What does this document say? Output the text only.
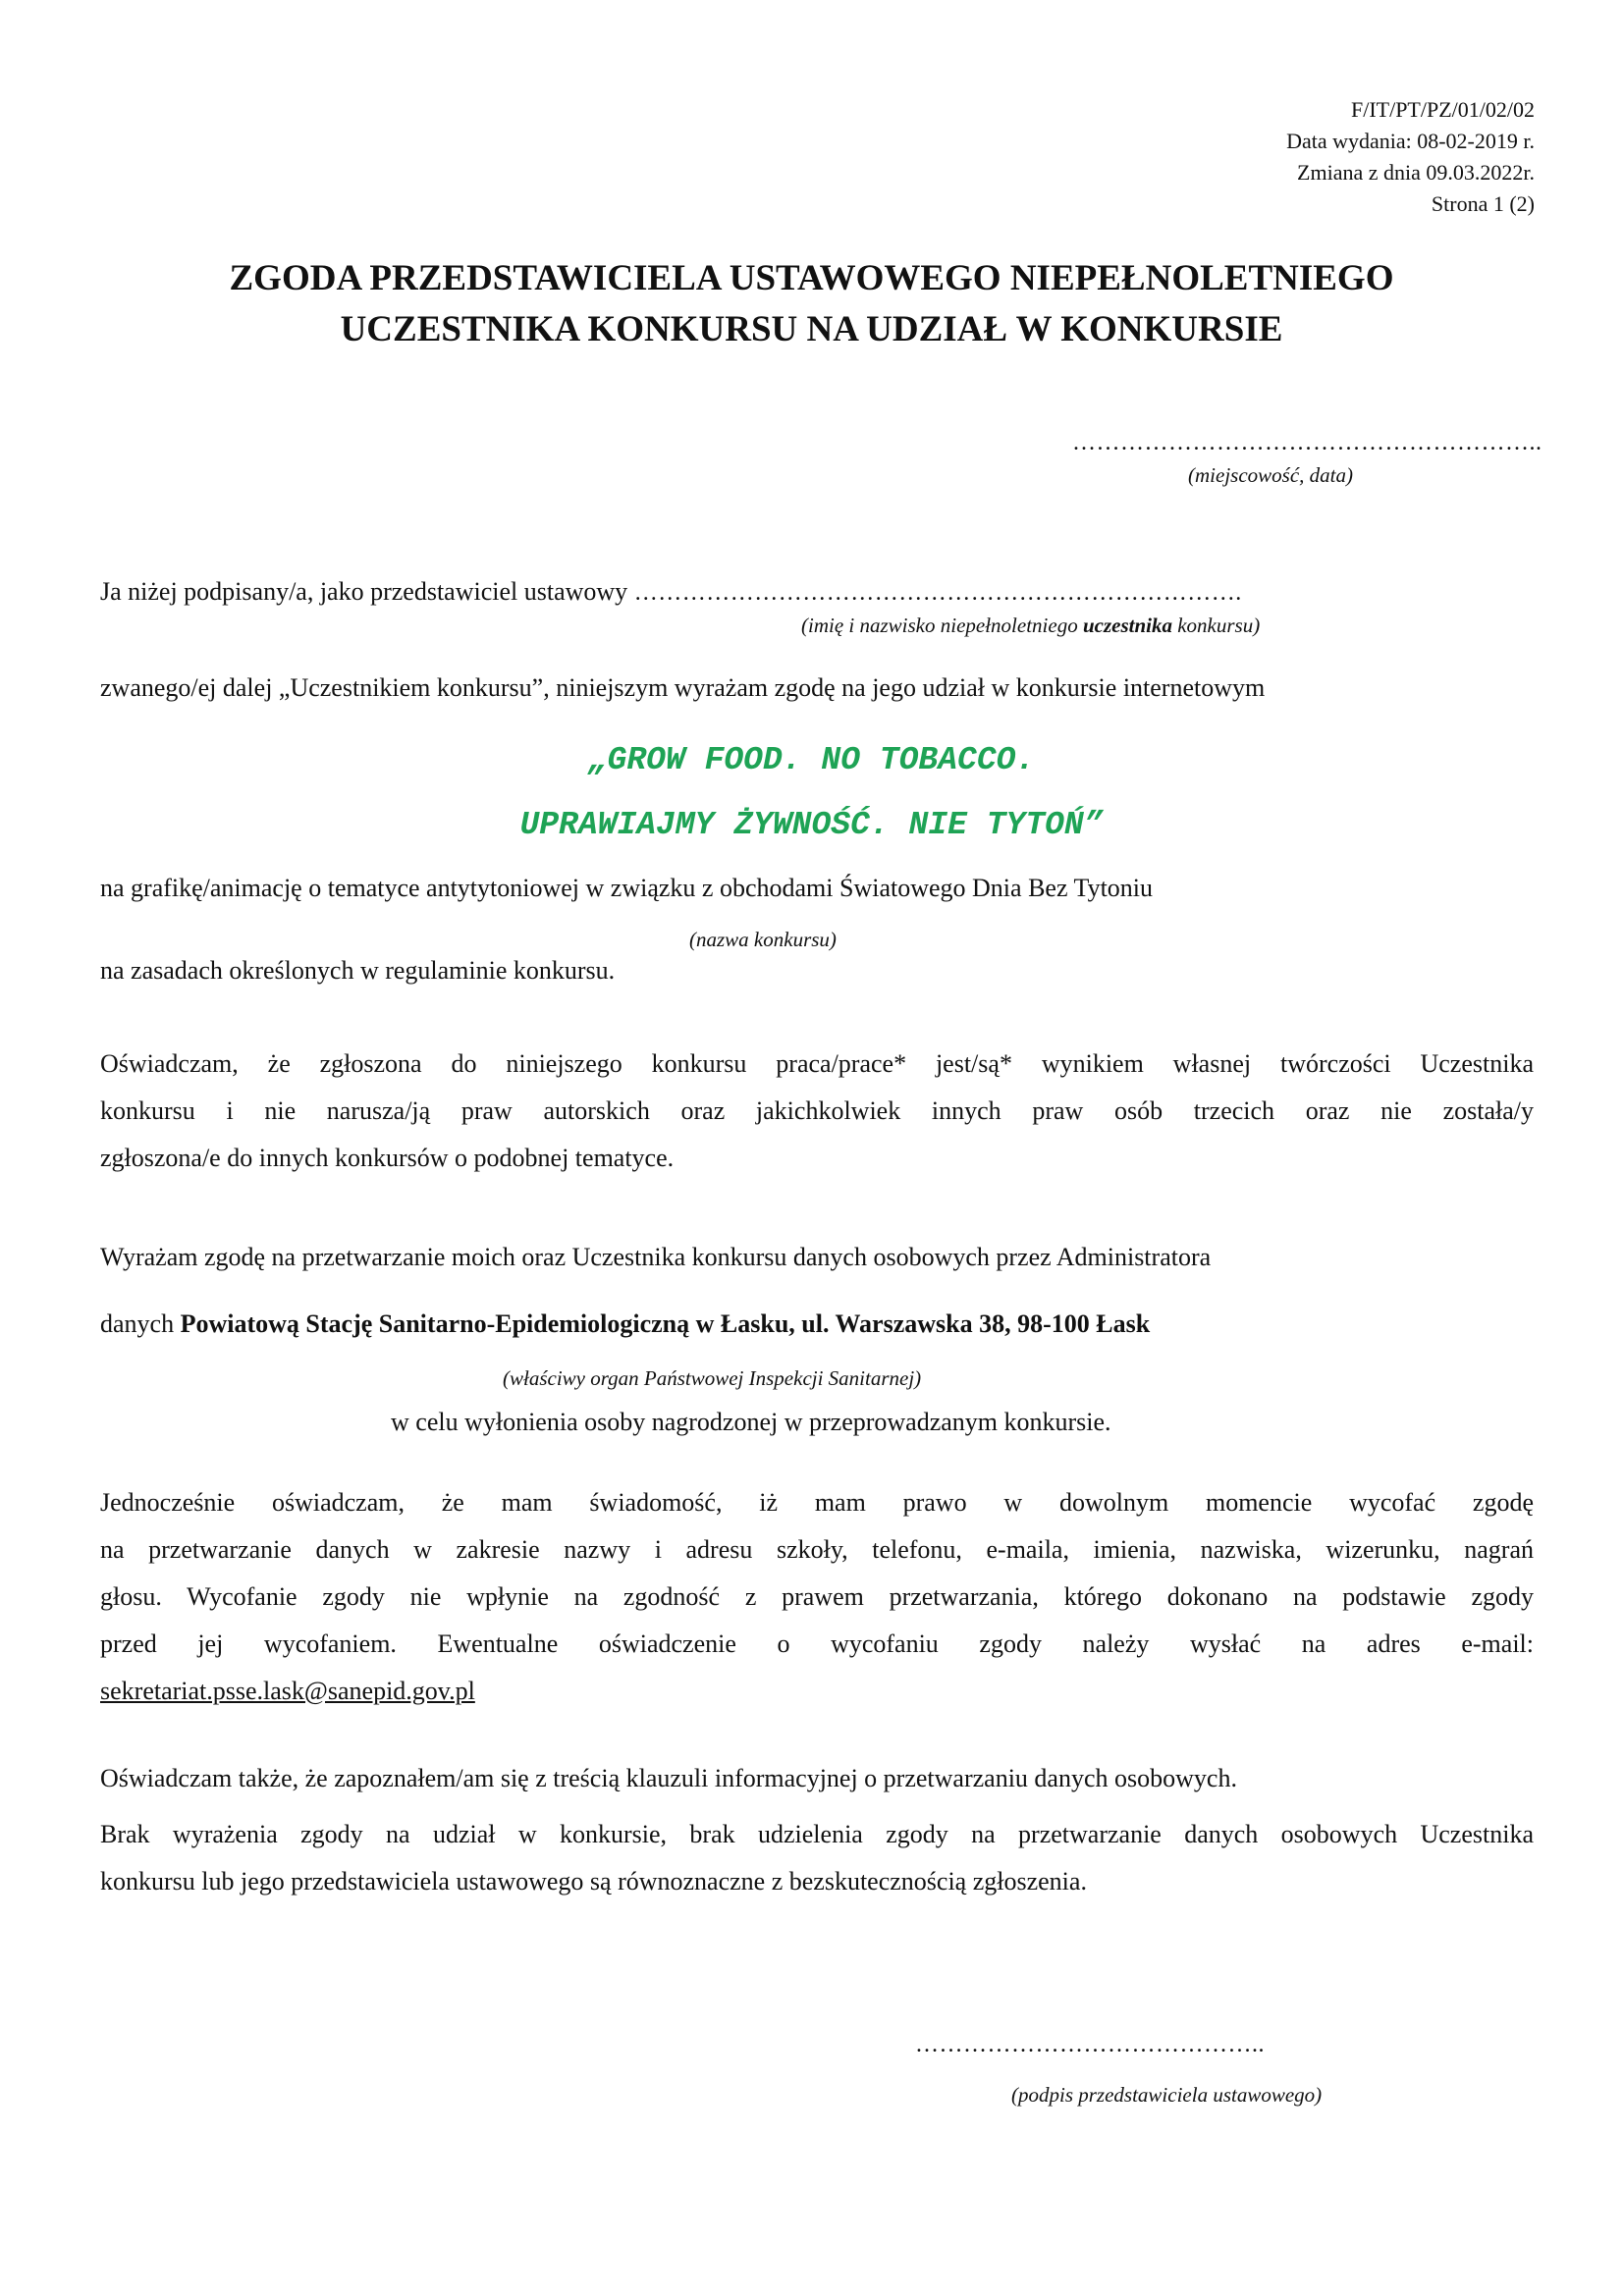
F/IT/PT/PZ/01/02/02
Data wydania: 08-02-2019 r.
Zmiana z dnia 09.03.2022r.
Strona 1 (2)
ZGODA PRZEDSTAWICIELA USTAWOWEGO NIEPEŁNOLETNIEGO
UCZESTNIKA KONKURSU NA UDZIAŁ W KONKURSIE
…………………………………………………..
(miejscowość, data)
Ja niżej podpisany/a, jako przedstawiciel ustawowy ………………………………………………………………….
(imię i nazwisko niepełnoletniego uczestnika konkursu)
zwanego/ej dalej „Uczestnikiem konkursu”, niniejszym wyrażam zgodę na jego udział w konkursie internetowym
„GROW FOOD. NO TOBACCO.
UPRAWIAJMY ŻYWNOŚĆ. NIE TYTOŃ”
na grafikę/animację o tematyce antytytoniowej w związku z obchodami Światowego Dnia Bez Tytoniu
(nazwa konkursu)
na zasadach określonych w regulaminie konkursu.
Oświadczam, że zgłoszona do niniejszego konkursu praca/prace* jest/są* wynikiem własnej twórczości Uczestnika
konkursu i nie narusza/ją praw autorskich oraz jakichkolwiek innych praw osób trzecich oraz nie została/y
zgłoszona/e do innych konkursów o podobnej tematyce.
Wyrażam zgodę na przetwarzanie moich oraz Uczestnika konkursu danych osobowych przez Administratora
danych Powiatową Stację Sanitarno-Epidemiologiczną w Łasku, ul. Warszawska 38, 98-100 Łask
(właściwy organ Państwowej Inspekcji Sanitarnej)
w celu wyłonienia osoby nagrodzonej w przeprowadzanym konkursie.
Jednocześnie oświadczam, że mam świadomość, iż mam prawo w dowolnym momencie wycofać zgodę
na przetwarzanie danych w zakresie nazwy i adresu szkoły, telefonu, e-maila, imienia, nazwiska, wizerunku, nagrań
głosu. Wycofanie zgody nie wpłynie na zgodność z prawem przetwarzania, którego dokonano na podstawie zgody
przed jej wycofaniem. Ewentualne oświadczenie o wycofaniu zgody należy wysłać na adres e-mail:
sekretariat.psse.lask@sanepid.gov.pl
Oświadczam także, że zapoznałem/am się z treścią klauzuli informacyjnej o przetwarzaniu danych osobowych.
Brak wyrażenia zgody na udział w konkursie, brak udzielenia zgody na przetwarzanie danych osobowych Uczestnika
konkursu lub jego przedstawiciela ustawowego są równoznaczne z bezskutecznością zgłoszenia.
……………………………………..
(podpis przedstawiciela ustawowego)
